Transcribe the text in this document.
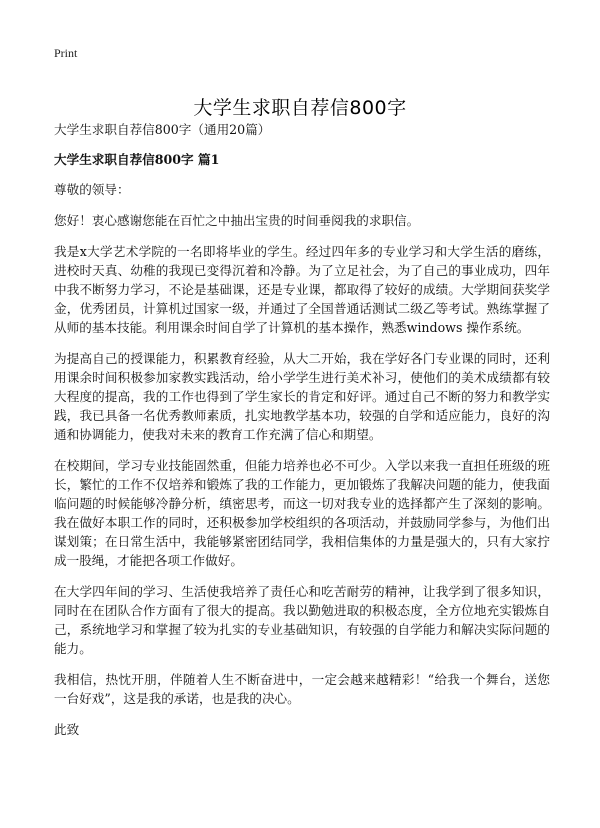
Print
大学生求职自荐信800字

大学生求职自荐信800字（通用20篇）

大学生求职自荐信800字 篇1

尊敬的领导：

您好！衷心感谢您能在百忙之中抽出宝贵的时间垂阅我的求职信。

我是x大学艺术学院的一名即将毕业的学生。经过四年多的专业学习和大学生活的磨练，进校时天真、幼稚的我现已变得沉着和冷静。为了立足社会，为了自己的事业成功，四年中我不断努力学习，不论是基础课，还是专业课，都取得了较好的成绩。大学期间获奖学金，优秀团员，计算机过国家一级，并通过了全国普通话测试二级乙等考试。熟练掌握了从师的基本技能。利用课余时间自学了计算机的基本操作，熟悉windows 操作系统。

为提高自己的授课能力，积累教育经验，从大二开始，我在学好各门专业课的同时，还利用课余时间积极参加家教实践活动，给小学学生进行美术补习，使他们的美术成绩都有较大程度的提高，我的工作也得到了学生家长的肯定和好评。通过自己不断的努力和教学实践，我已具备一名优秀教师素质，扎实地教学基本功，较强的自学和适应能力，良好的沟通和协调能力，使我对未来的教育工作充满了信心和期望。

在校期间，学习专业技能固然重，但能力培养也必不可少。入学以来我一直担任班级的班长，繁忙的工作不仅培养和锻炼了我的工作能力，更加锻炼了我解决问题的能力，使我面临问题的时候能够冷静分析，缜密思考，而这一切对我专业的选择都产生了深刻的影响。我在做好本职工作的同时，还积极参加学校组织的各项活动，并鼓励同学参与，为他们出谋划策；在日常生活中，我能够紧密团结同学，我相信集体的力量是强大的，只有大家拧成一股绳，才能把各项工作做好。

在大学四年间的学习、生活使我培养了责任心和吃苦耐劳的精神，让我学到了很多知识，同时在在团队合作方面有了很大的提高。我以勤勉进取的积极态度，全方位地充实锻炼自己，系统地学习和掌握了较为扎实的专业基础知识，有较强的自学能力和解决实际问题的能力。

我相信，热忱开朋，伴随着人生不断奋进中，一定会越来越精彩！“给我一个舞台，送您一台好戏”，这是我的承诺，也是我的决心。

此致
